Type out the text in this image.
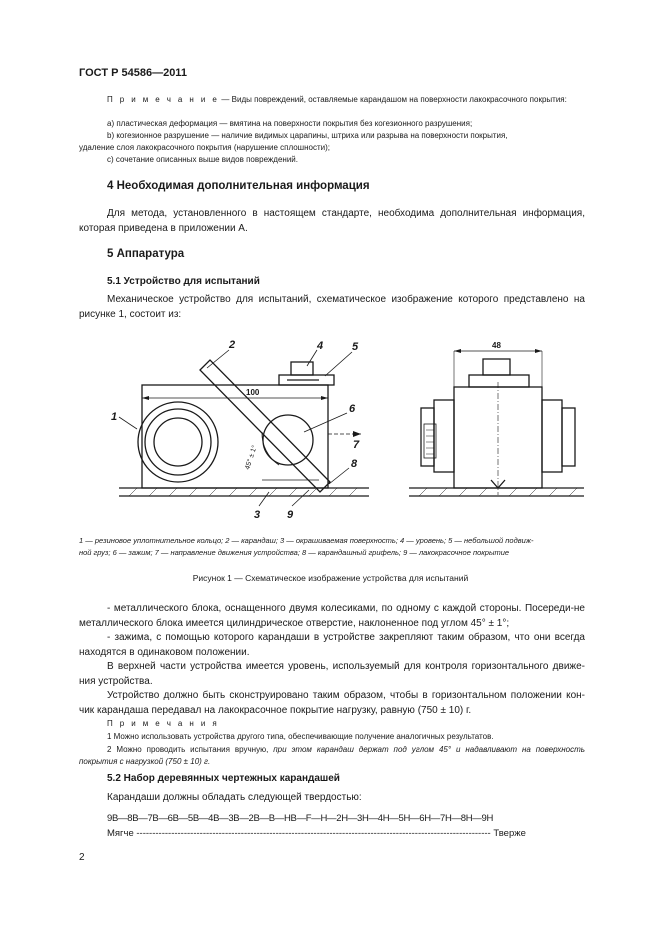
ГОСТ Р 54586—2011
П р и м е ч а н и е — Виды повреждений, оставляемые карандашом на поверхности лакокрасочного покрытия:
a) пластическая деформация — вмятина на поверхности покрытия без когезионного разрушения;
b) когезионное разрушение — наличие видимых царапины, штриха или разрыва на поверхности покрытия,
удаление слоя лакокрасочного покрытия (нарушение сплошности);
c) сочетание описанных выше видов повреждений.
4 Необходимая дополнительная информация
Для метода, установленного в настоящем стандарте, необходима дополнительная информация, которая приведена в приложении А.
5 Аппаратура
5.1 Устройство для испытаний
Механическое устройство для испытаний, схематическое изображение которого представлено на рисунке 1, состоит из:
1
2
3
4	5
6
7
8
9
100
48
45° ± 1°
1 — резиновое уплотнительное кольцо; 2 — карандаш; 3 — окрашиваемая поверхность; 4 — уровень; 5 — небольшой подвиж-
ной груз; 6 — зажим; 7 — направление движения устройства; 8 — карандашный грифель; 9 — лакокрасочное покрытие
Рисунок 1 — Схематическое изображение устройства для испытаний
- металлического блока, оснащенного двумя колесиками, по одному с каждой стороны. Посереди-не металлического блока имеется цилиндрическое отверстие, наклоненное под углом 45° ± 1°;
- зажима, с помощью которого карандаши в устройстве закрепляют таким образом, что они всегда находятся в одинаковом положении.
В верхней части устройства имеется уровень, используемый для контроля горизонтального движе-ния устройства.
Устройство должно быть сконструировано таким образом, чтобы в горизонтальном положении кон-чик карандаша передавал на лакокрасочное покрытие нагрузку, равную (750 ± 10) г.
П р и м е ч а н и я
1 Можно использовать устройства другого типа, обеспечивающие получение аналогичных результатов.
2 Можно проводить испытания вручную, при этом карандаш держат под углом 45° и надавливают на поверхность покрытия с нагрузкой (750 ± 10) г.
5.2 Набор деревянных чертежных карандашей
Карандаши должны обладать следующей твердостью:
9B—8B—7B—6B—5B—4B—3B—2B—B—HB—F—H—2H—3H—4H—5H—6H—7H—8H—9H
Мягче ---------------------------------------------------------------------------------------------------------------- Тверже
2
